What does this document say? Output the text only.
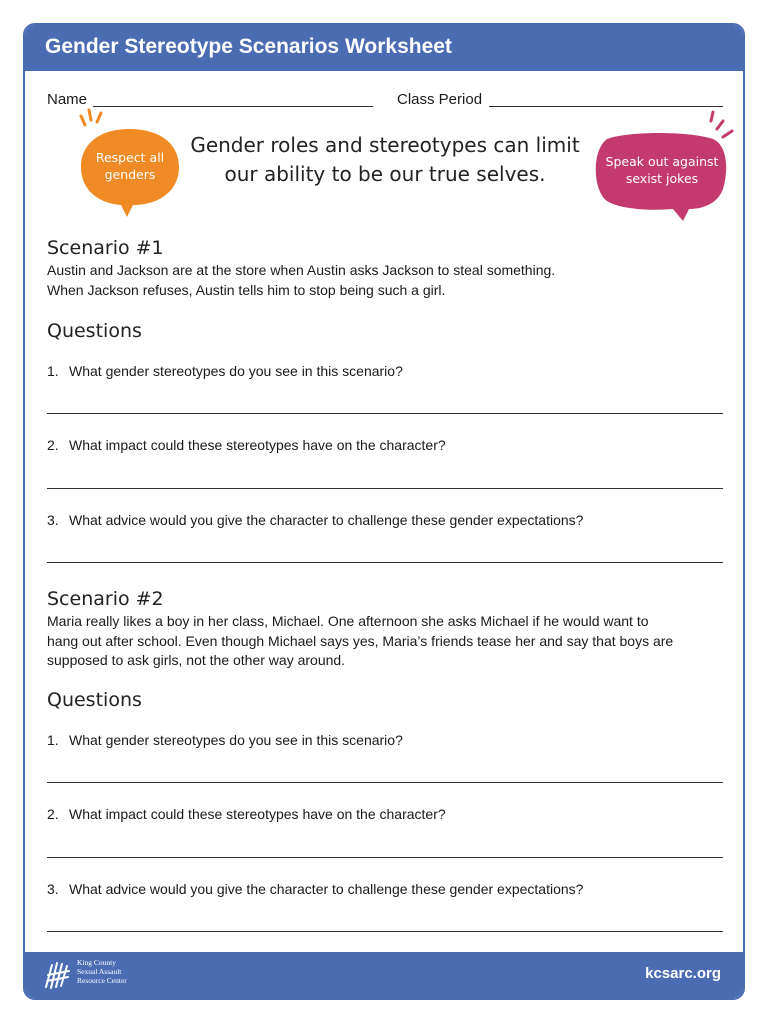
Gender Stereotype Scenarios Worksheet
Name	Class Period
Respect all
genders
Gender roles and stereotypes can limit
our ability to be our true selves.
Speak out against
sexist jokes
Scenario #1
Austin and Jackson are at the store when Austin asks Jackson to steal something.
When Jackson refuses, Austin tells him to stop being such a girl.
Questions
1. What gender stereotypes do you see in this scenario?
2. What impact could these stereotypes have on the character?
3. What advice would you give the character to challenge these gender expectations?
Scenario #2
Maria really likes a boy in her class, Michael. One afternoon she asks Michael if he would want to
hang out after school. Even though Michael says yes, Maria’s friends tease her and say that boys are
supposed to ask girls, not the other way around.
Questions
1. What gender stereotypes do you see in this scenario?
2. What impact could these stereotypes have on the character?
3. What advice would you give the character to challenge these gender expectations?
King County
Sexual Assault
Resource Center	kcsarc.org
